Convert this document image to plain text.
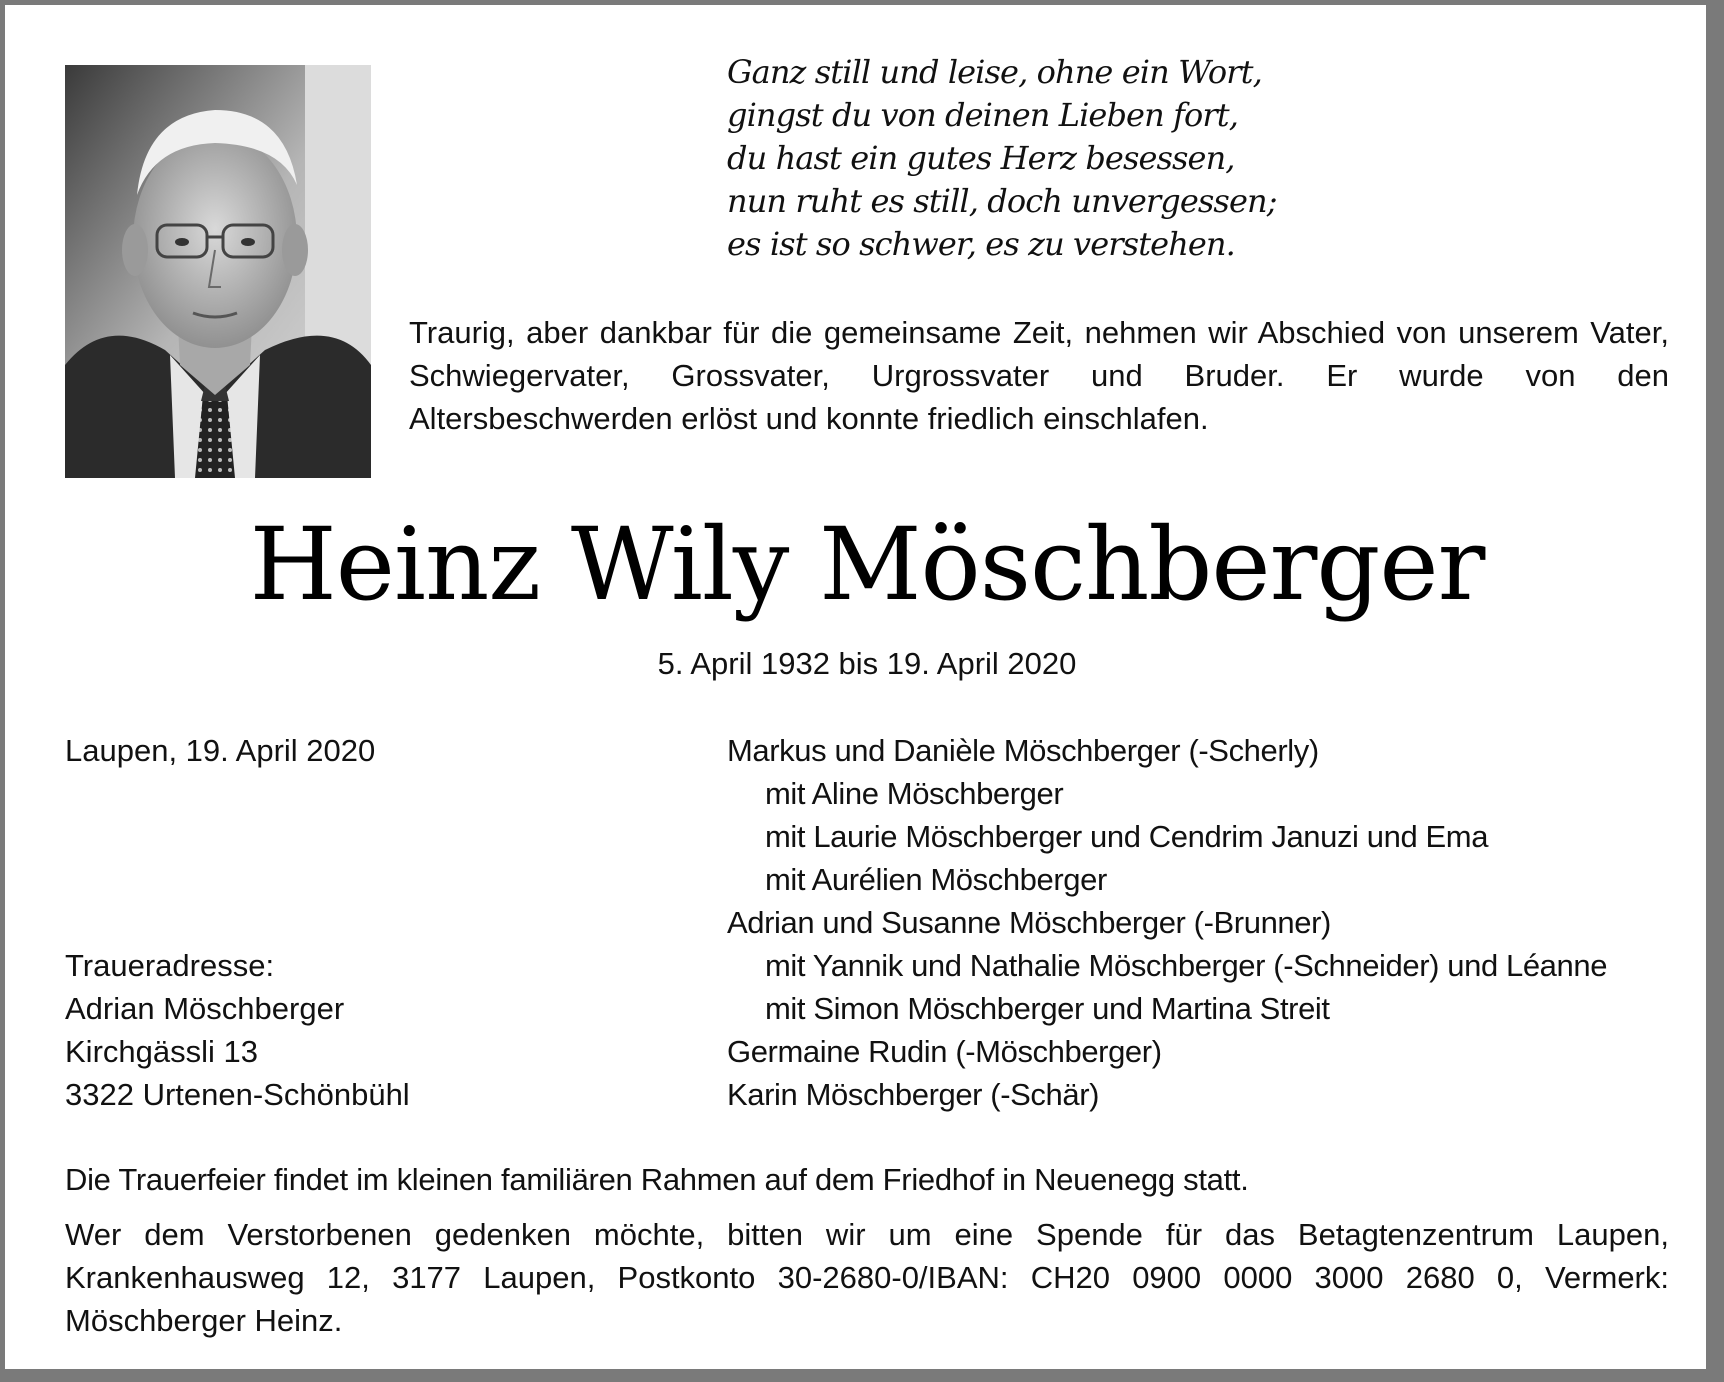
Ganz still und leise, ohne ein Wort,
gingst du von deinen Lieben fort,
du hast ein gutes Herz besessen,
nun ruht es still, doch unvergessen;
es ist so schwer, es zu verstehen.
Traurig, aber dankbar für die gemeinsame Zeit, nehmen wir Abschied von unserem Vater, Schwiegervater, Grossvater, Urgrossvater und Bruder. Er wurde von den Altersbeschwerden erlöst und konnte friedlich einschlafen.
Heinz Wily Möschberger
5. April 1932 bis 19. April 2020
Laupen, 19. April 2020
Traueradresse:
Adrian Möschberger
Kirchgässli 13
3322 Urtenen-Schönbühl
Markus und Danièle Möschberger (-Scherly)
mit Aline Möschberger
mit Laurie Möschberger und Cendrim Januzi und Ema
mit Aurélien Möschberger
Adrian und Susanne Möschberger (-Brunner)
mit Yannik und Nathalie Möschberger (-Schneider) und Léanne
mit Simon Möschberger und Martina Streit
Germaine Rudin (-Möschberger)
Karin Möschberger (-Schär)
Die Trauerfeier findet im kleinen familiären Rahmen auf dem Friedhof in Neuenegg statt.
Wer dem Verstorbenen gedenken möchte, bitten wir um eine Spende für das Betagtenzentrum Laupen, Krankenhausweg 12, 3177 Laupen, Postkonto 30-2680-0/IBAN: CH20 0900 0000 3000 2680 0, Vermerk: Möschberger Heinz.
